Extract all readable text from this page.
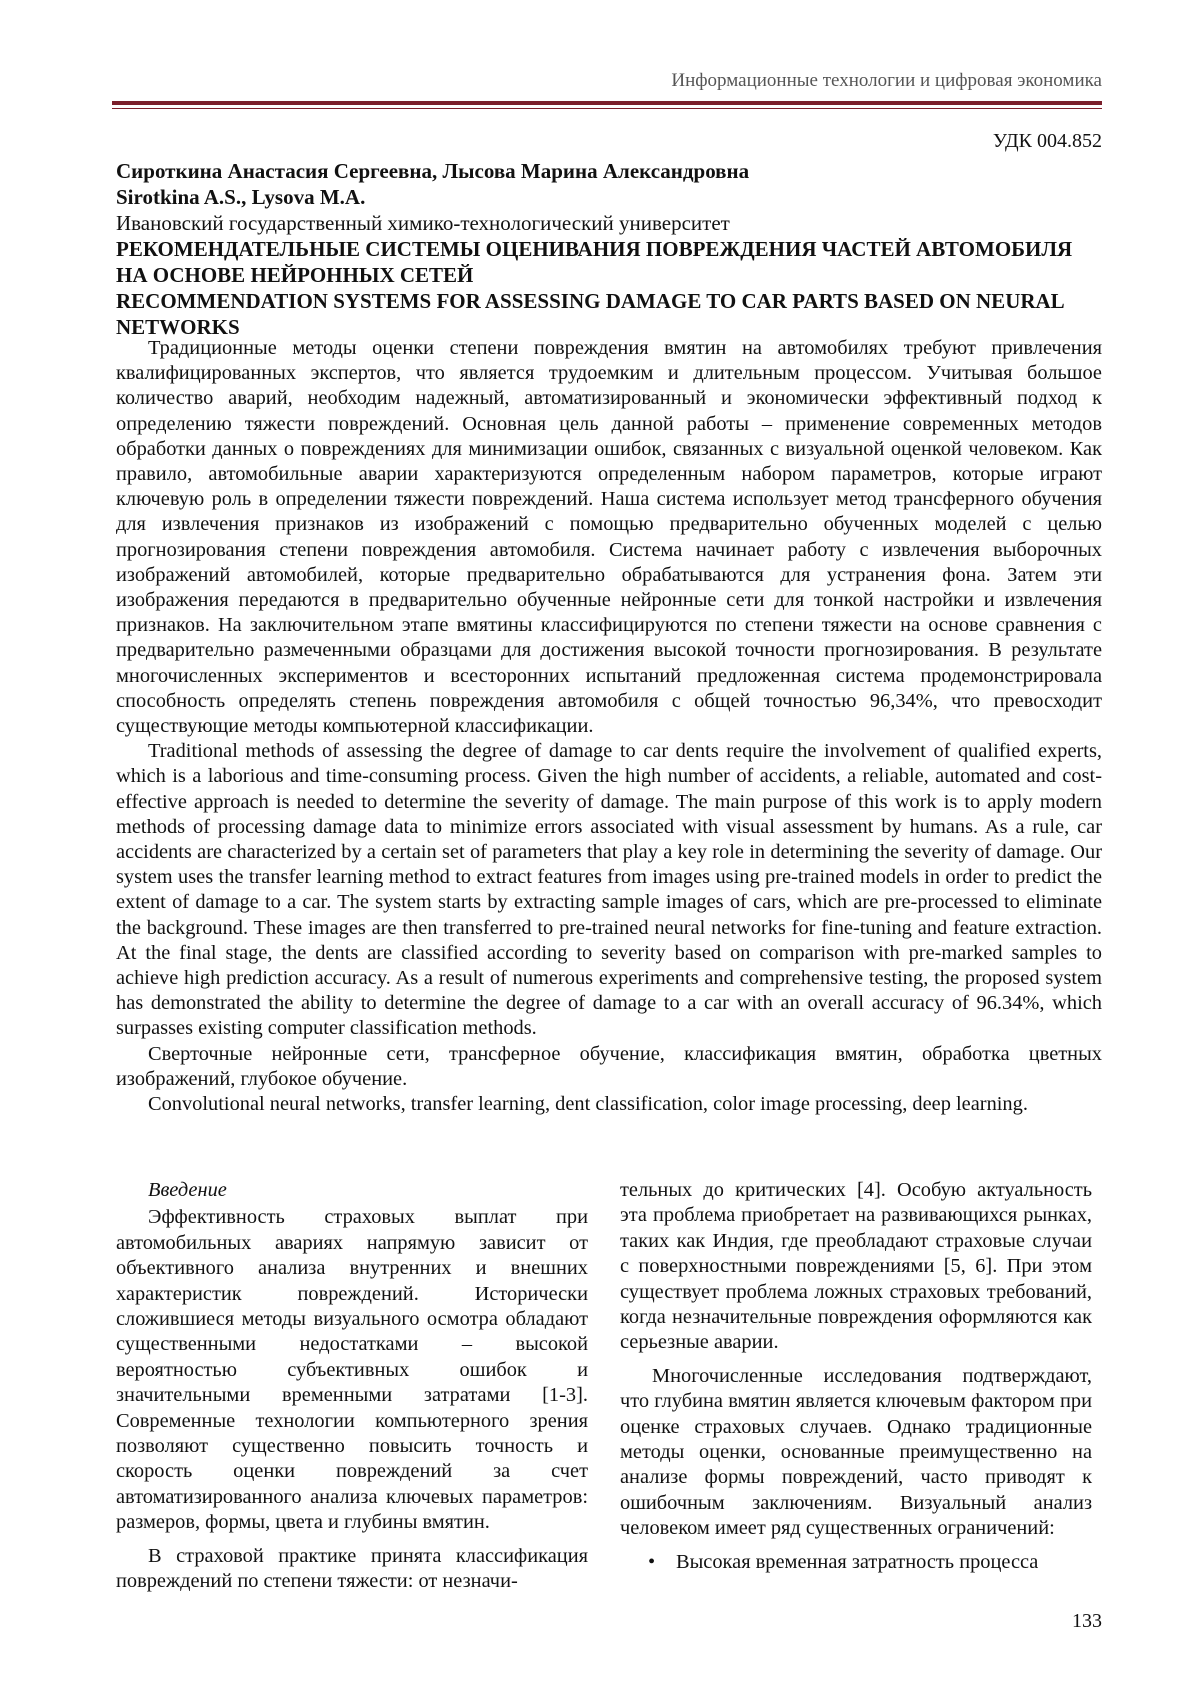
Информационные технологии и цифровая экономика
УДК 004.852

Сироткина Анастасия Сергеевна, Лысова Марина Александровна

Sirotkina A.S., Lysova M.A.

Ивановский государственный химико-технологический университет

РЕКОМЕНДАТЕЛЬНЫЕ СИСТЕМЫ ОЦЕНИВАНИЯ ПОВРЕЖДЕНИЯ ЧАСТЕЙ АВТОМОБИЛЯ НА ОСНОВЕ НЕЙРОННЫХ СЕТЕЙ

RECOMMENDATION SYSTEMS FOR ASSESSING DAMAGE TO CAR PARTS BASED ON NEURAL NETWORKS

Традиционные методы оценки степени повреждения вмятин на автомобилях требуют привлечения квалифицированных экспертов, что является трудоемким и длительным процессом. Учитывая большое количество аварий, необходим надежный, автоматизированный и экономически эффективный подход к определению тяжести повреждений. Основная цель данной работы – применение современных методов обработки данных о повреждениях для минимизации ошибок, связанных с визуальной оценкой человеком. Как правило, автомобильные аварии характеризуются определенным набором параметров, которые играют ключевую роль в определении тяжести повреждений. Наша система использует метод трансферного обучения для извлечения признаков из изображений с помощью предварительно обученных моделей с целью прогнозирования степени повреждения автомобиля. Система начинает работу с извлечения выборочных изображений автомобилей, которые предварительно обрабатываются для устранения фона. Затем эти изображения передаются в предварительно обученные нейронные сети для тонкой настройки и извлечения признаков. На заключительном этапе вмятины классифицируются по степени тяжести на основе сравнения с предварительно размеченными образцами для достижения высокой точности прогнозирования. В результате многочисленных экспериментов и всесторонних испытаний предложенная система продемонстрировала способность определять степень повреждения автомобиля с общей точностью 96,34%, что превосходит существующие методы компьютерной классификации.

Traditional methods of assessing the degree of damage to car dents require the involvement of qualified experts, which is a laborious and time-consuming process. Given the high number of accidents, a reliable, automated and cost-effective approach is needed to determine the severity of damage. The main purpose of this work is to apply modern methods of processing damage data to minimize errors associated with visual assessment by humans. As a rule, car accidents are characterized by a certain set of parameters that play a key role in determining the severity of damage. Our system uses the transfer learning method to extract features from images using pre-trained models in order to predict the extent of damage to a car. The system starts by extracting sample images of cars, which are pre-processed to eliminate the background. These images are then transferred to pre-trained neural networks for fine-tuning and feature extraction. At the final stage, the dents are classified according to severity based on comparison with pre-marked samples to achieve high prediction accuracy. As a result of numerous experiments and comprehensive testing, the proposed system has demonstrated the ability to determine the degree of damage to a car with an overall accuracy of 96.34%, which surpasses existing computer classification methods.

Сверточные нейронные сети, трансферное обучение, классификация вмятин, обработка цветных изображений, глубокое обучение.

Convolutional neural networks, transfer learning, dent classification, color image processing, deep learning.

Введение

Эффективность страховых выплат при автомобильных авариях напрямую зависит от объективного анализа внутренних и внешних характеристик повреждений. Исторически сложившиеся методы визуального осмотра обладают существенными недостатками – высокой вероятностью субъективных ошибок и значительными временными затратами [1-3]. Современные технологии компьютерного зрения позволяют существенно повысить точность и скорость оценки повреждений за счет автоматизированного анализа ключевых параметров: размеров, формы, цвета и глубины вмятин.

В страховой практике принята классификация повреждений по степени тяжести: от незначи-

тельных до критических [4]. Особую актуальность эта проблема приобретает на развивающихся рынках, таких как Индия, где преобладают страховые случаи с поверхностными повреждениями [5, 6]. При этом существует проблема ложных страховых требований, когда незначительные повреждения оформляются как серьезные аварии.

Многочисленные исследования подтверждают, что глубина вмятин является ключевым фактором при оценке страховых случаев. Однако традиционные методы оценки, основанные преимущественно на анализе формы повреждений, часто приводят к ошибочным заключениям. Визуальный анализ человеком имеет ряд существенных ограничений:

•	Высокая временная затратность процесса
133
